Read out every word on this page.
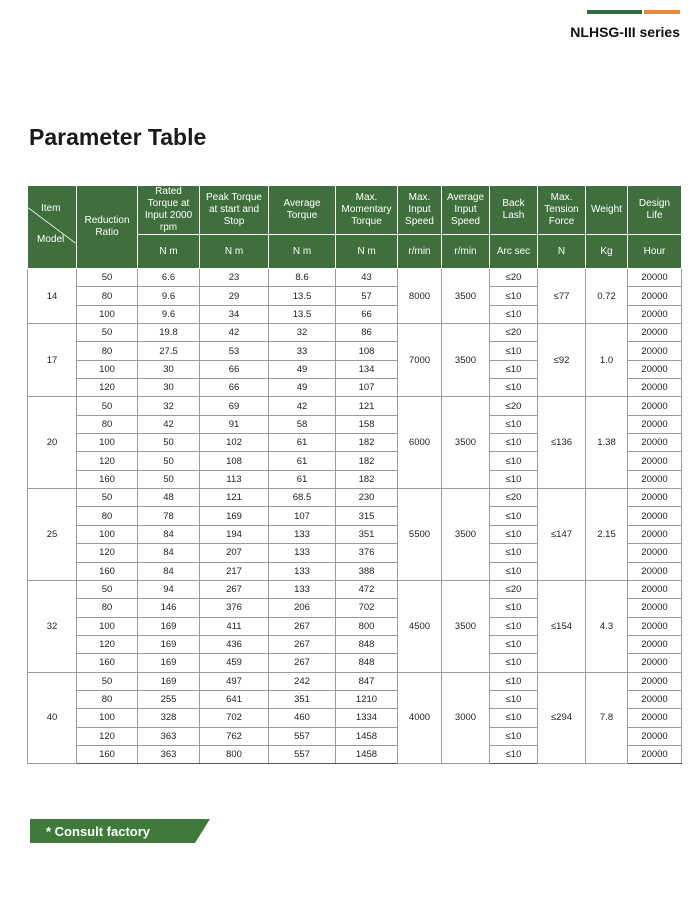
NLHSG-III series
Parameter Table
Item
Model	Reduction Ratio	Rated Torque at Input 2000 rpm	Peak Torque at start and Stop	Average Torque	Max. Momentary Torque	Max. Input Speed	Average Input Speed	Back Lash	Max. Tension Force	Weight	Design Life
		N m	N m	N m	N m	r/min	r/min	Arc sec	N	Kg	Hour
14	50	6.6	23	8.6	43	8000	3500	≤20	≤77	0.72	20000
	80	9.6	29	13.5	57			≤10			20000
	100	9.6	34	13.5	66			≤10			20000
17	50	19.8	42	32	86	7000	3500	≤20	≤92	1.0	20000
	80	27.5	53	33	108			≤10			20000
	100	30	66	49	134			≤10			20000
	120	30	66	49	107			≤10			20000
20	50	32	69	42	121	6000	3500	≤20	≤136	1.38	20000
	80	42	91	58	158			≤10			20000
	100	50	102	61	182			≤10			20000
	120	50	108	61	182			≤10			20000
	160	50	113	61	182			≤10			20000
25	50	48	121	68.5	230	5500	3500	≤20	≤147	2.15	20000
	80	78	169	107	315			≤10			20000
	100	84	194	133	351			≤10			20000
	120	84	207	133	376			≤10			20000
	160	84	217	133	388			≤10			20000
32	50	94	267	133	472	4500	3500	≤20	≤154	4.3	20000
	80	146	376	206	702			≤10			20000
	100	169	411	267	800			≤10			20000
	120	169	436	267	848			≤10			20000
	160	169	459	267	848			≤10			20000
40	50	169	497	242	847	4000	3000	≤10	≤294	7.8	20000
	80	255	641	351	1210			≤10			20000
	100	328	702	460	1334			≤10			20000
	120	363	762	557	1458			≤10			20000
	160	363	800	557	1458			≤10			20000
* Consult factory
